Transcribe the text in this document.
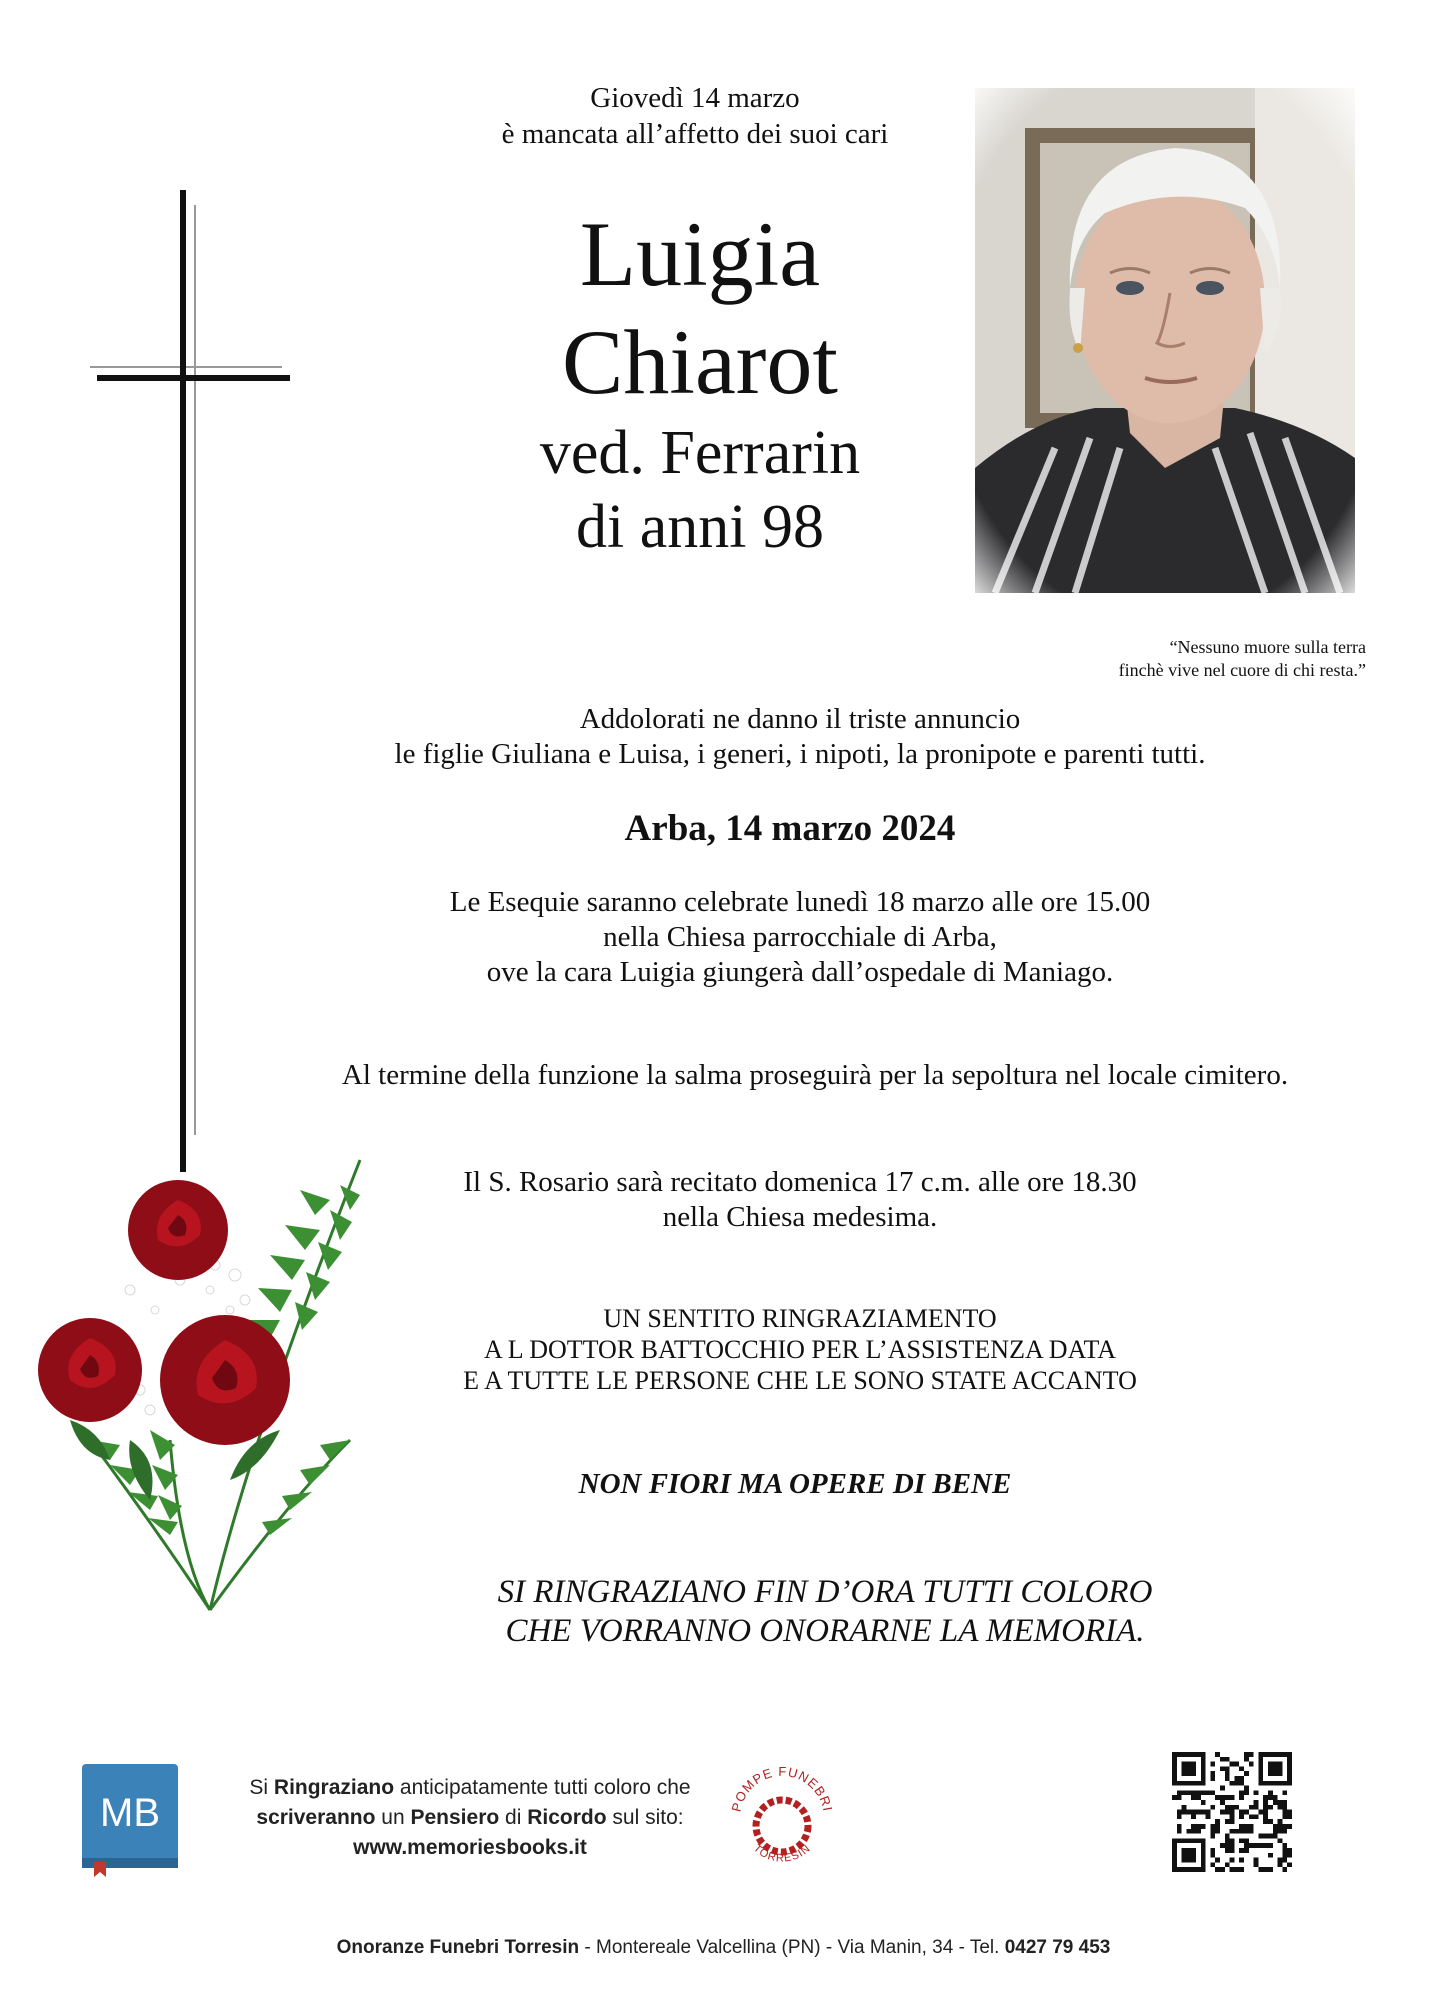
Giovedì 14 marzo
è mancata all’affetto dei suoi cari
Luigia
Chiarot
ved. Ferrarin
di anni 98
“Nessuno muore sulla terra
finchè vive nel cuore di chi resta.”
Addolorati ne danno il triste annuncio
le figlie Giuliana e Luisa, i generi, i nipoti, la pronipote e parenti tutti.
Arba, 14 marzo 2024
Le Esequie saranno celebrate lunedì 18 marzo alle ore 15.00
nella Chiesa parrocchiale di Arba,
ove la cara Luigia giungerà dall’ospedale di Maniago.
Al termine della funzione la salma proseguirà per la sepoltura nel locale cimitero.
Il S. Rosario sarà recitato domenica 17 c.m. alle ore 18.30
nella Chiesa medesima.
UN SENTITO RINGRAZIAMENTO
A L DOTTOR BATTOCCHIO PER L’ASSISTENZA DATA
E A TUTTE LE PERSONE CHE LE SONO STATE ACCANTO
NON FIORI MA OPERE DI BENE
SI RINGRAZIANO FIN D’ORA TUTTI COLORO
CHE VORRANNO ONORARNE LA MEMORIA.
MB
Si Ringraziano anticipatamente tutti coloro che
scriveranno un Pensiero di Ricordo sul sito:
www.memoriesbooks.it
POMPE FUNEBRI
TORRESIN
Onoranze Funebri Torresin - Montereale Valcellina (PN) - Via Manin, 34 - Tel. 0427 79 453
